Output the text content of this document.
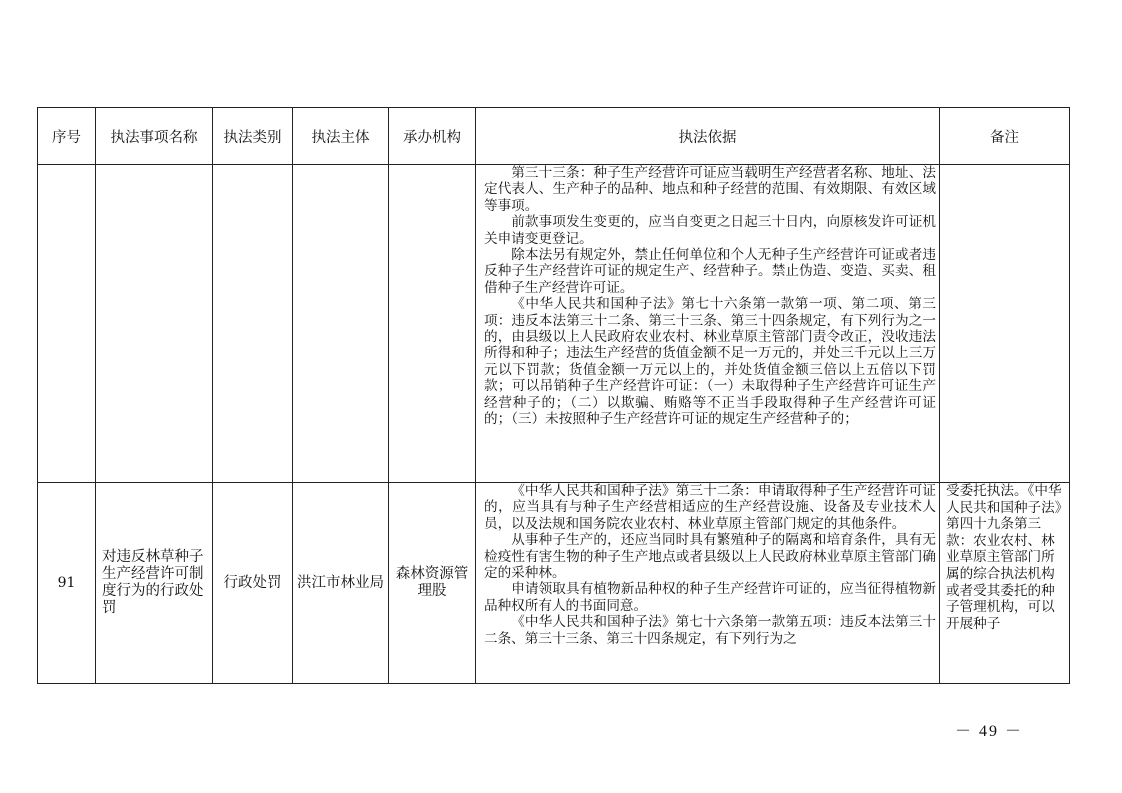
序号	执法事项名称	执法类别	执法主体	承办机构	执法依据	备注

					第三十三条：种子生产经营许可证应当载明生产经营者名称、地址、法定代表人、生产种子的品种、地点和种子经营的范围、有效期限、有效区域等事项。

前款事项发生变更的，应当自变更之日起三十日内，向原核发许可证机关申请变更登记。

除本法另有规定外，禁止任何单位和个人无种子生产经营许可证或者违反种子生产经营许可证的规定生产、经营种子。禁止伪造、变造、买卖、租借种子生产经营许可证。

《中华人民共和国种子法》第七十六条第一款第一项、第二项、第三项：违反本法第三十二条、第三十三条、第三十四条规定，有下列行为之一的，由县级以上人民政府农业农村、林业草原主管部门责令改正，没收违法所得和种子；违法生产经营的货值金额不足一万元的，并处三千元以上三万元以下罚款；货值金额一万元以上的，并处货值金额三倍以上五倍以下罚款；可以吊销种子生产经营许可证：（一）未取得种子生产经营许可证生产经营种子的；（二）以欺骗、贿赂等不正当手段取得种子生产经营许可证的；（三）未按照种子生产经营许可证的规定生产经营种子的；	

91	对违反林草种子生产经营许可制度行为的行政处罚	行政处罚	洪江市林业局	森林资源管理股	《中华人民共和国种子法》第三十二条：申请取得种子生产经营许可证的，应当具有与种子生产经营相适应的生产经营设施、设备及专业技术人员，以及法规和国务院农业农村、林业草原主管部门规定的其他条件。

从事种子生产的，还应当同时具有繁殖种子的隔离和培育条件，具有无检疫性有害生物的种子生产地点或者县级以上人民政府林业草原主管部门确定的采种林。

申请领取具有植物新品种权的种子生产经营许可证的，应当征得植物新品种权所有人的书面同意。

《中华人民共和国种子法》第七十六条第一款第五项：违反本法第三十二条、第三十三条、第三十四条规定，有下列行为之	受委托执法。《中华人民共和国种子法》第四十九条第三款：农业农村、林业草原主管部门所属的综合执法机构或者受其委托的种子管理机构，可以开展种子
－ 49 －
